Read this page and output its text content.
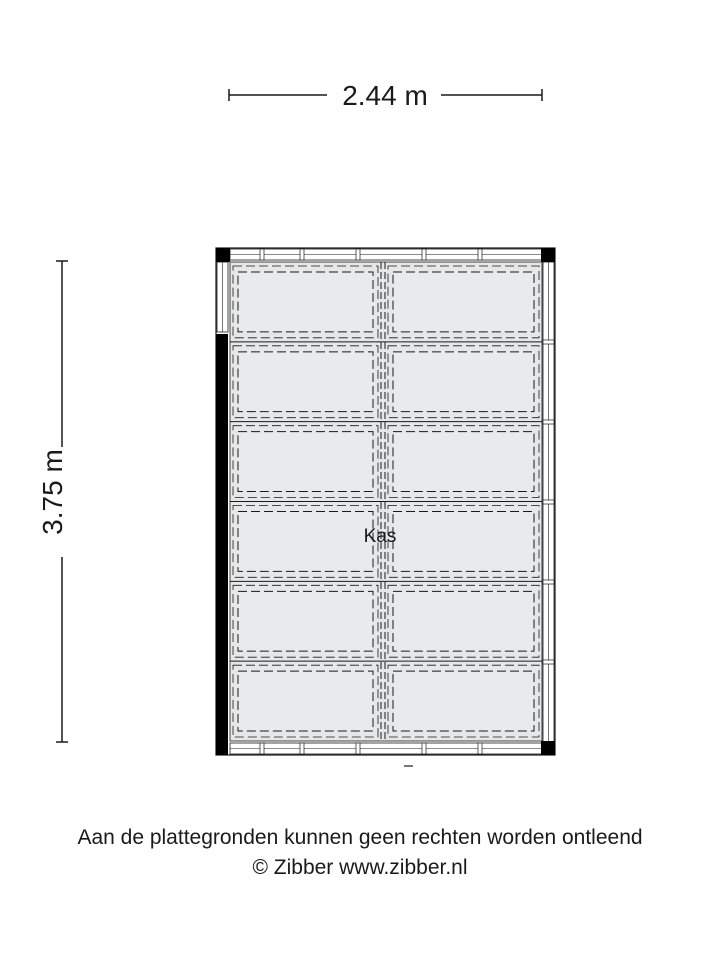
2.44 m
3.75 m
Kas
Aan de plattegronden kunnen geen rechten worden ontleend
© Zibber www.zibber.nl
